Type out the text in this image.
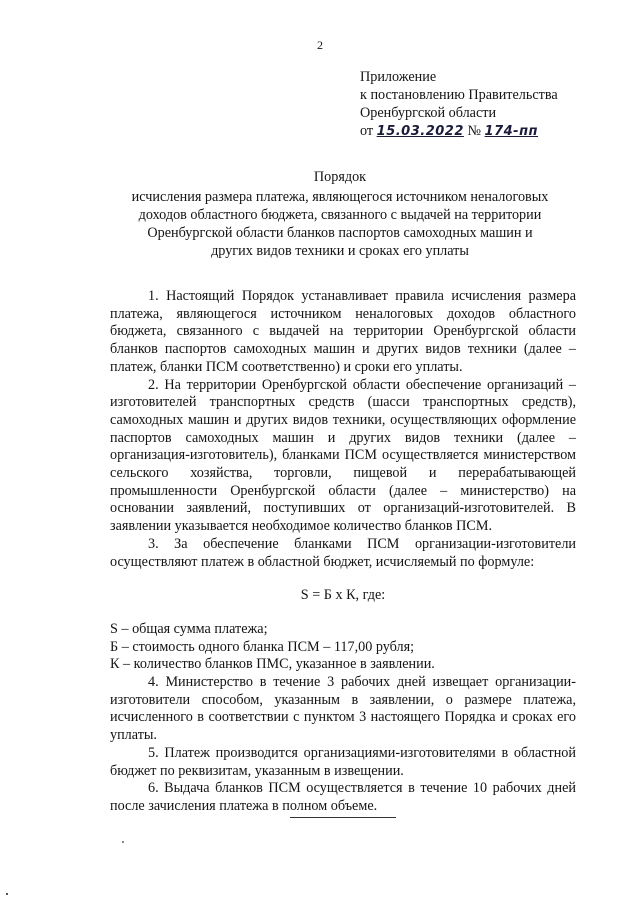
2
Приложение
к постановлению Правительства
Оренбургской области
от 15.03.2022 № 174-пп
Порядок
исчисления размера платежа, являющегося источником неналоговых
доходов областного бюджета, связанного с выдачей на территории
Оренбургской области бланков паспортов самоходных машин и
других видов техники и сроках его уплаты

1. Настоящий Порядок устанавливает правила исчисления размера платежа, являющегося источником неналоговых доходов областного бюджета, связанного с выдачей на территории Оренбургской области бланков паспортов самоходных машин и других видов техники (далее – платеж, бланки ПСМ соответственно) и сроки его уплаты.

2. На территории Оренбургской области обеспечение организаций – изготовителей транспортных средств (шасси транспортных средств), самоходных машин и других видов техники, осуществляющих оформление паспортов самоходных машин и других видов техники (далее – организация-изготовитель), бланками ПСМ осуществляется министерством сельского хозяйства, торговли, пищевой и перерабатывающей промышленности Оренбургской области (далее – министерство) на основании заявлений, поступивших от организаций-изготовителей. В заявлении указывается необходимое количество бланков ПСМ.

3. За обеспечение бланками ПСМ организации-изготовители осуществляют платеж в областной бюджет, исчисляемый по формуле:

S = Б х К, где:

S – общая сумма платежа;

Б – стоимость одного бланка ПСМ – 117,00 рубля;

К – количество бланков ПМС, указанное в заявлении.

4. Министерство в течение 3 рабочих дней извещает организации-изготовители способом, указанным в заявлении, о размере платежа, исчисленного в соответствии с пунктом 3 настоящего Порядка и сроках его уплаты.

5. Платеж производится организациями-изготовителями в областной бюджет по реквизитам, указанным в извещении.

6. Выдача бланков ПСМ осуществляется в течение 10 рабочих дней после зачисления платежа в полном объеме.
